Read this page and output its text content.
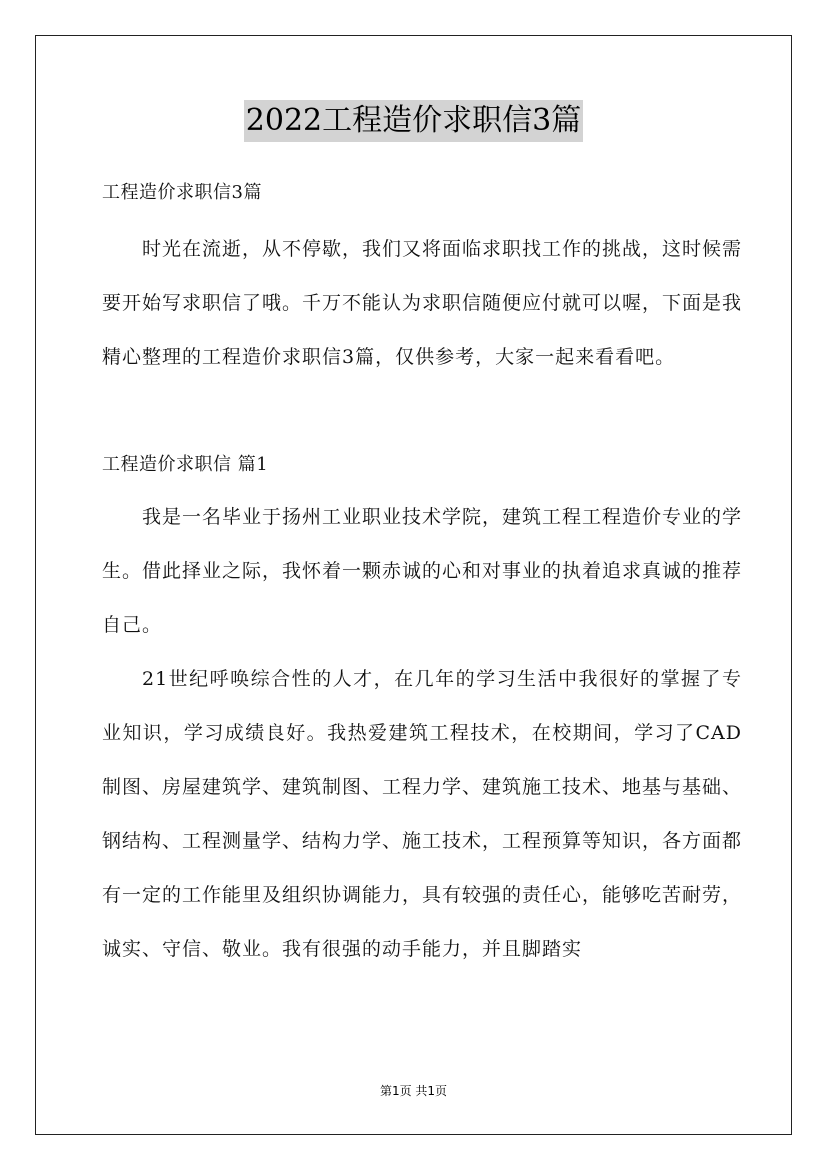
2022工程造价求职信3篇
工程造价求职信3篇
时光在流逝，从不停歇，我们又将面临求职找工作的挑战，这时候需要开始写求职信了哦。千万不能认为求职信随便应付就可以喔，下面是我精心整理的工程造价求职信3篇，仅供参考，大家一起来看看吧。
工程造价求职信 篇1
我是一名毕业于扬州工业职业技术学院，建筑工程工程造价专业的学生。借此择业之际，我怀着一颗赤诚的心和对事业的执着追求真诚的推荐自己。
21世纪呼唤综合性的人才，在几年的学习生活中我很好的掌握了专业知识，学习成绩良好。我热爱建筑工程技术，在校期间，学习了CAD制图、房屋建筑学、建筑制图、工程力学、建筑施工技术、地基与基础、钢结构、工程测量学、结构力学、施工技术，工程预算等知识，各方面都有一定的工作能里及组织协调能力，具有较强的责任心，能够吃苦耐劳，诚实、守信、敬业。我有很强的动手能力，并且脚踏实
第1页 共1页
